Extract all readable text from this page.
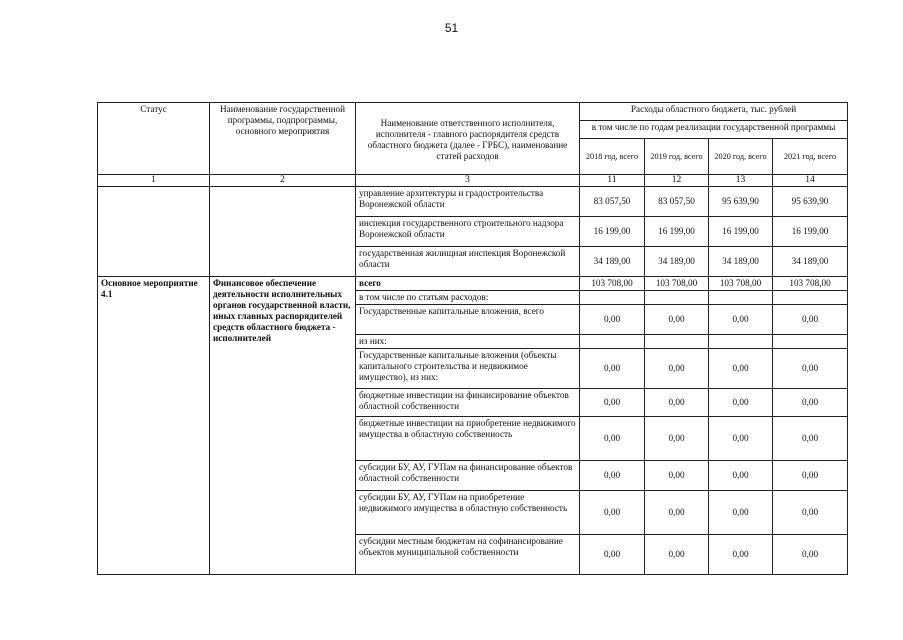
51
Статус	Наименование государственной программы, подпрограммы, основного мероприятия	Наименование ответственного исполнителя, исполнителя - главного распорядителя средств областного бюджета (далее - ГРБС), наименование статей расходов	Расходы областного бюджета, тыс. рублей			
			в том числе по годам реализации государственной программы			
			2018 год, всего	2019 год, всего	2020 год, всего	2021 год, всего
1	2	3	11	12	13	14
		управление архитектуры и градостроительства Воронежской области	83 057,50	83 057,50	95 639,90	95 639,90
		инспекция государственного строительного надзора Воронежской области	16 199,00	16 199,00	16 199,00	16 199,00
		государственная жилищная инспекция Воронежской области	34 189,00	34 189,00	34 189,00	34 189,00
Основное мероприятие 4.1	Финансовое обеспечение деятельности исполнительных органов государственной власти, иных главных распорядителей средств областного бюджета - исполнителей	всего	103 708,00	103 708,00	103 708,00	103 708,00
		в том числе по статьям расходов:				
		Государственные капитальные вложения, всего	0,00	0,00	0,00	0,00
		из них:				
		Государственные капитальные вложения (объекты капитального строительства и недвижимое имущество), из них:	0,00	0,00	0,00	0,00
		бюджетные инвестиции на финансирование объектов областной собственности	0,00	0,00	0,00	0,00
		бюджетные инвестиции на приобретение недвижимого имущества в областную собственность	0,00	0,00	0,00	0,00
		субсидии БУ, АУ, ГУПам на финансирование объектов областной собственности	0,00	0,00	0,00	0,00
		субсидии БУ, АУ, ГУПам на приобретение недвижимого имущества в областную собственность	0,00	0,00	0,00	0,00
		субсидии местным бюджетам на софинансирование объектов муниципальной собственности	0,00	0,00	0,00	0,00
